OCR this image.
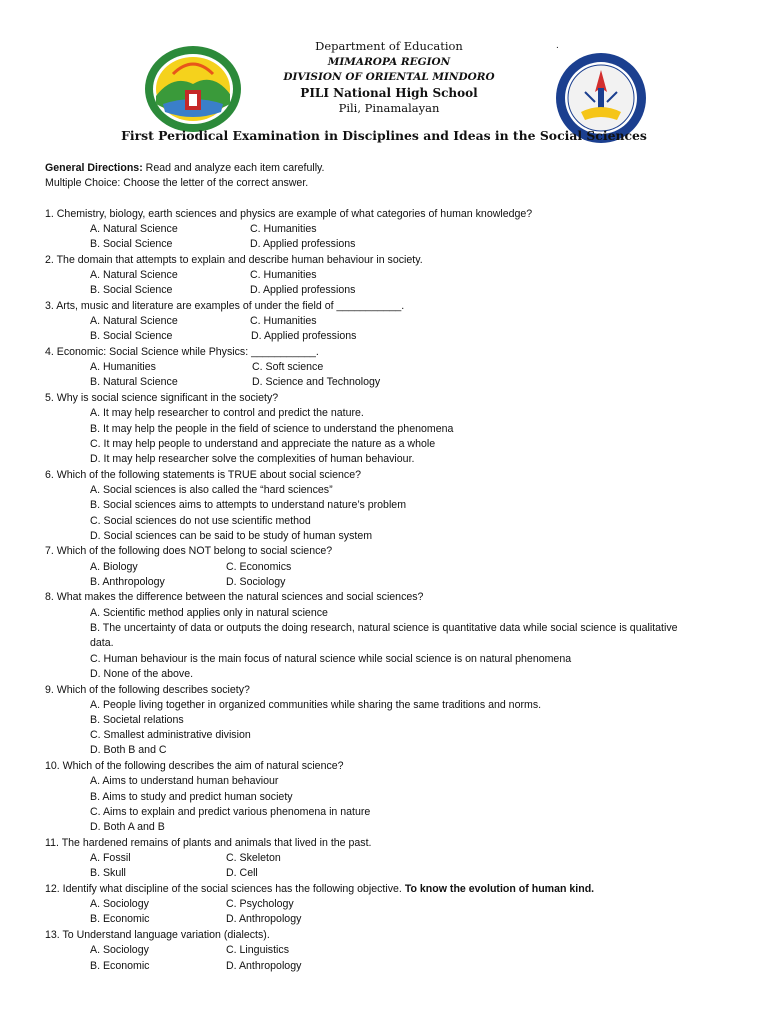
.
Department of Education
MIMAROPA REGION
DIVISION OF ORIENTAL MINDORO
PILI National High School
Pili, Pinamalayan
First Periodical Examination in Disciplines and Ideas in the Social Sciences
General Directions: Read and analyze each item carefully.
Multiple Choice: Choose the letter of the correct answer.
1. Chemistry, biology, earth sciences and physics are example of what categories of human knowledge?
A. Natural Science	C. Humanities
B. Social Science	D. Applied professions
2. The domain that attempts to explain and describe human behaviour in society.
A. Natural Science	C. Humanities
B. Social Science	D. Applied professions
3. Arts, music and literature are examples of under the field of ___________.
A. Natural Science	C. Humanities
B. Social Science	D. Applied professions
4. Economic: Social Science while Physics: ___________.
A. Humanities	C. Soft science
B. Natural Science	D. Science and Technology
5. Why is social science significant in the society?
A. It may help researcher to control and predict the nature.
B. It may help the people in the field of science to understand the phenomena
C. It may help people to understand and appreciate the nature as a whole
D. It may help researcher solve the complexities of human behaviour.
6. Which of the following statements is TRUE about social science?
A. Social sciences is also called the “hard sciences”
B. Social sciences aims to attempts to understand nature’s problem
C. Social sciences do not use scientific method
D. Social sciences can be said to be study of human system
7. Which of the following does NOT belong to social science?
A. Biology	C. Economics
B. Anthropology	D. Sociology
8. What makes the difference between the natural sciences and social sciences?
A. Scientific method applies only in natural science
B. The uncertainty of data or outputs the doing research, natural science is quantitative data while social science is qualitative
data.
C. Human behaviour is the main focus of natural science while social science is on natural phenomena
D. None of the above.
9. Which of the following describes society?
A. People living together in organized communities while sharing the same traditions and norms.
B. Societal relations
C. Smallest administrative division
D. Both B and C
10. Which of the following describes the aim of natural science?
A. Aims to understand human behaviour
B. Aims to study and predict human society
C. Aims to explain and predict various phenomena in nature
D. Both A and B
11. The hardened remains of plants and animals that lived in the past.
A. Fossil	C. Skeleton
B. Skull	D. Cell
12. Identify what discipline of the social sciences has the following objective. To know the evolution of human kind.
A. Sociology	C. Psychology
B. Economic	D. Anthropology
13. To Understand language variation (dialects).
A. Sociology	C. Linguistics
B. Economic	D. Anthropology
